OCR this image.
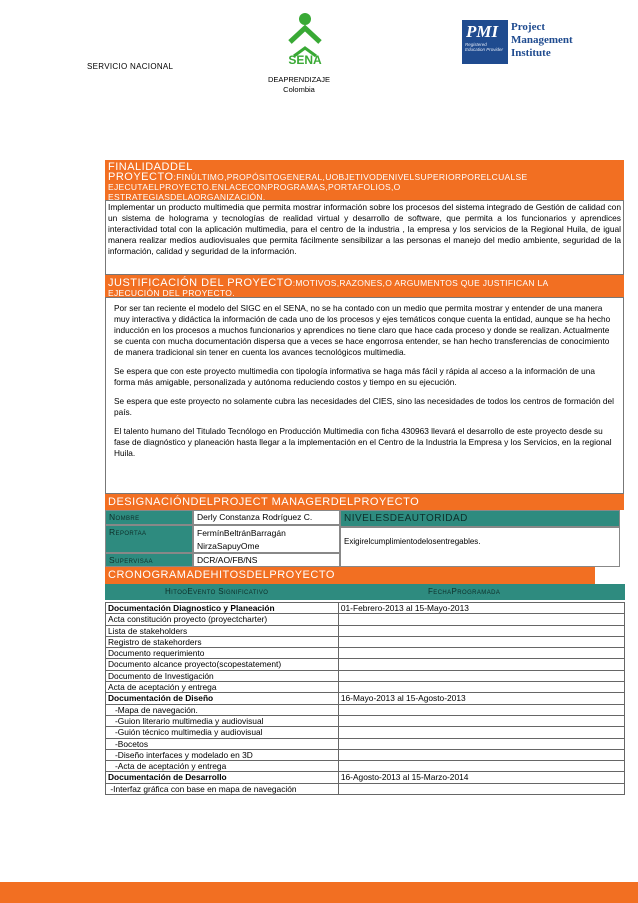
SENA
PMI
Registered Education Provider
Project Management Institute
SERVICIO NACIONAL
DEAPRENDIZAJE
Colombia
FINALIDADDEL
PROYECTO:FINÚLTIMO,PROPÓSITOGENERAL,UOBJETIVODENIVELSUPERIORPORELCUALSE
EJECUTAELPROYECTO.ENLACECONPROGRAMAS,PORTAFOLIOS,O
ESTRATEGIASDELAORGANIZACIÓN.
Implementar un producto multimedia que permita mostrar información sobre los procesos del sistema integrado de Gestión de calidad con un sistema de holograma y tecnologías de realidad virtual y desarrollo de software, que permita a los funcionarios y aprendices interactividad total con la aplicación multimedia, para el centro de la industria , la empresa y los servicios de la Regional Huila, de igual manera realizar medios audiovisuales que permita fácilmente sensibilizar a las personas el manejo del medio ambiente, seguridad de la información, calidad y seguridad de la información.
JUSTIFICACIÓN DEL PROYECTO:MOTIVOS,RAZONES,O ARGUMENTOS QUE JUSTIFICAN LA
EJECUCIÓN DEL PROYECTO.

Por ser tan reciente el modelo del SIGC en el SENA, no se ha contado con un medio que permita mostrar y entender de una manera muy interactiva y didáctica la información de cada uno de los procesos y ejes temáticos conque cuenta la entidad, aunque se ha hecho inducción en los procesos a muchos funcionarios y aprendices no tiene claro que hace cada proceso y donde se realizan. Actualmente se cuenta con mucha documentación dispersa que a veces se hace engorrosa entender, se han hecho transferencias de conocimiento de manera tradicional sin tener en cuenta los avances tecnológicos multimedia.

Se espera que con este proyecto multimedia con tipología informativa se haga más fácil y rápida al acceso a la información de una forma más amigable, personalizada y autónoma reduciendo costos y tiempo en su ejecución.

Se espera que este proyecto no solamente cubra las necesidades del CIES, sino las necesidades de todos los centros de formación del país.

El talento humano del Titulado Tecnólogo en Producción Multimedia con ficha 430963 llevará el desarrollo de este proyecto desde su fase de diagnóstico y planeación hasta llegar a la implementación en el Centro de la Industria la Empresa y los Servicios, en la regional Huila.

DESIGNACIÓNDELPROJECT MANAGERDELPROYECTO
Nombre	Derly Constanza Rodríguez C.
Reportaa	FermínBeltránBarragán
NirzaSapuyOme
Supervisaa	DCR/AO/FB/NS
NIVELESDEAUTORIDAD
Exigirelcumplimientodelosentregables.
CRONOGRAMADEHITOSDELPROYECTO
HitooEvento Significativo	FechaProgramada
Documentación Diagnostico y Planeación	01-Febrero-2013 al 15-Mayo-2013
Acta constitución proyecto (proyectcharter)	
Lista de stakeholders	
Registro de stakehorders	
Documento requerimiento	
Documento alcance proyecto(scopestatement)	
Documento de Investigación	
Acta de aceptación y entrega	
Documentación de Diseño	16-Mayo-2013 al 15-Agosto-2013
-Mapa de navegación.	
-Guion literario multimedia y audiovisual	
-Guión técnico multimedia y audiovisual	
-Bocetos	
-Diseño interfaces y modelado en 3D	
-Acta de aceptación y entrega	
Documentación de Desarrollo	16-Agosto-2013 al 15-Marzo-2014
-Interfaz gráfica con base en mapa de navegación	
